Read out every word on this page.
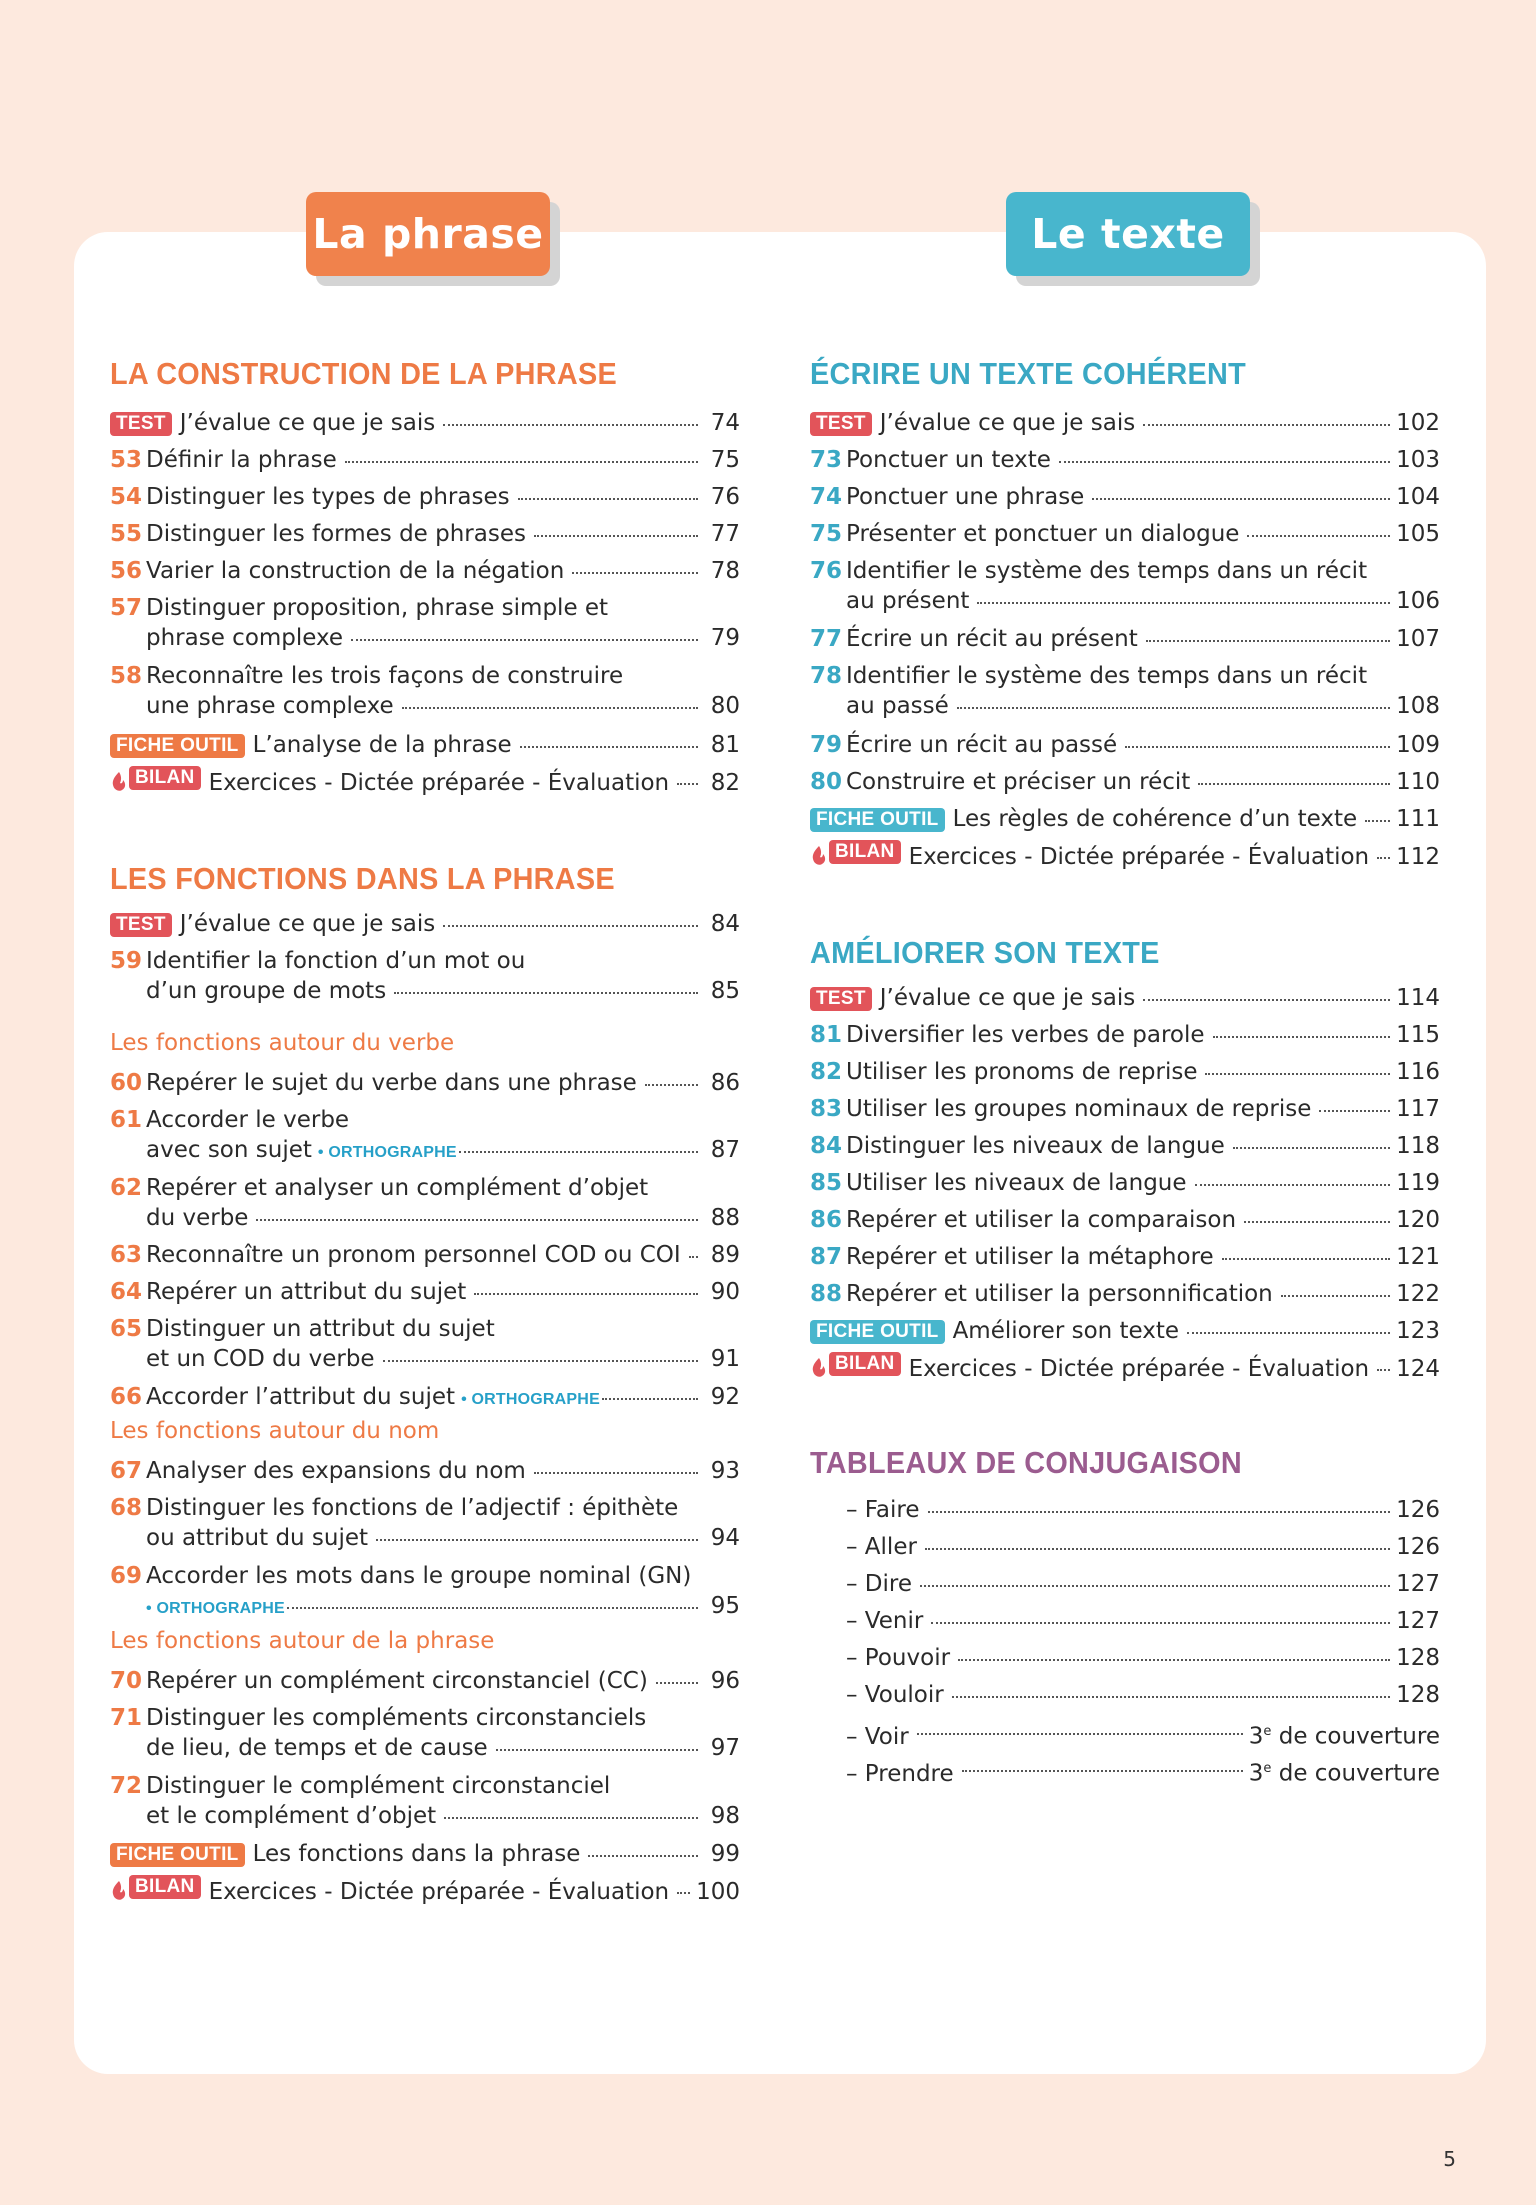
La phrase	Le texte
LA CONSTRUCTION DE LA PHRASE
TEST J’évalue ce que je sais	74
53 Définir la phrase	75
54 Distinguer les types de phrases	76
55 Distinguer les formes de phrases	77
56 Varier la construction de la négation	78
57 Distinguer proposition, phrase simple et
phrase complexe	79
58 Reconnaître les trois façons de construire
une phrase complexe	80
FICHE OUTIL L’analyse de la phrase	81
BILAN Exercices - Dictée préparée - Évaluation 82
LES FONCTIONS DANS LA PHRASE
TEST J’évalue ce que je sais	84
59 Identifier la fonction d’un mot ou
d’un groupe de mots	85
Les fonctions autour du verbe
60 Repérer le sujet du verbe dans une phrase	86
61 Accorder le verbe
avec son sujet • ORTHOGRAPHE	87
62 Repérer et analyser un complément d’objet
du verbe	88
63 Reconnaître un pronom personnel COD ou COI 89
64 Repérer un attribut du sujet	90
65 Distinguer un attribut du sujet
et un COD du verbe	91
66 Accorder l’attribut du sujet • ORTHOGRAPHE	92
Les fonctions autour du nom
67 Analyser des expansions du nom	93
68 Distinguer les fonctions de l’adjectif : épithète
ou attribut du sujet	94
69 Accorder les mots dans le groupe nominal (GN)
• ORTHOGRAPHE	95
Les fonctions autour de la phrase
70 Repérer un complément circonstanciel (CC)	96
71 Distinguer les compléments circonstanciels
de lieu, de temps et de cause	97
72 Distinguer le complément circonstanciel
et le complément d’objet	98
FICHE OUTIL Les fonctions dans la phrase	99
BILAN Exercices - Dictée préparée - Évaluation 100
ÉCRIRE UN TEXTE COHÉRENT
TEST J’évalue ce que je sais	102
73 Ponctuer un texte	103
74 Ponctuer une phrase	104
75 Présenter et ponctuer un dialogue	105
76 Identifier le système des temps dans un récit
au présent	106
77 Écrire un récit au présent	107
78 Identifier le système des temps dans un récit
au passé	108
79 Écrire un récit au passé	109
80 Construire et préciser un récit	110
FICHE OUTIL Les règles de cohérence d’un texte 111
BILAN Exercices - Dictée préparée - Évaluation 112
AMÉLIORER SON TEXTE
TEST J’évalue ce que je sais	114
81 Diversifier les verbes de parole	115
82 Utiliser les pronoms de reprise	116
83 Utiliser les groupes nominaux de reprise	117
84 Distinguer les niveaux de langue	118
85 Utiliser les niveaux de langue	119
86 Repérer et utiliser la comparaison	120
87 Repérer et utiliser la métaphore	121
88 Repérer et utiliser la personnification	122
FICHE OUTIL Améliorer son texte	123
BILAN Exercices - Dictée préparée - Évaluation 124
TABLEAUX DE CONJUGAISON
– Faire	126
– Aller	126
– Dire	127
– Venir	127
– Pouvoir	128
– Vouloir	128
– Voir	3e de couverture
– Prendre	3e de couverture
5
